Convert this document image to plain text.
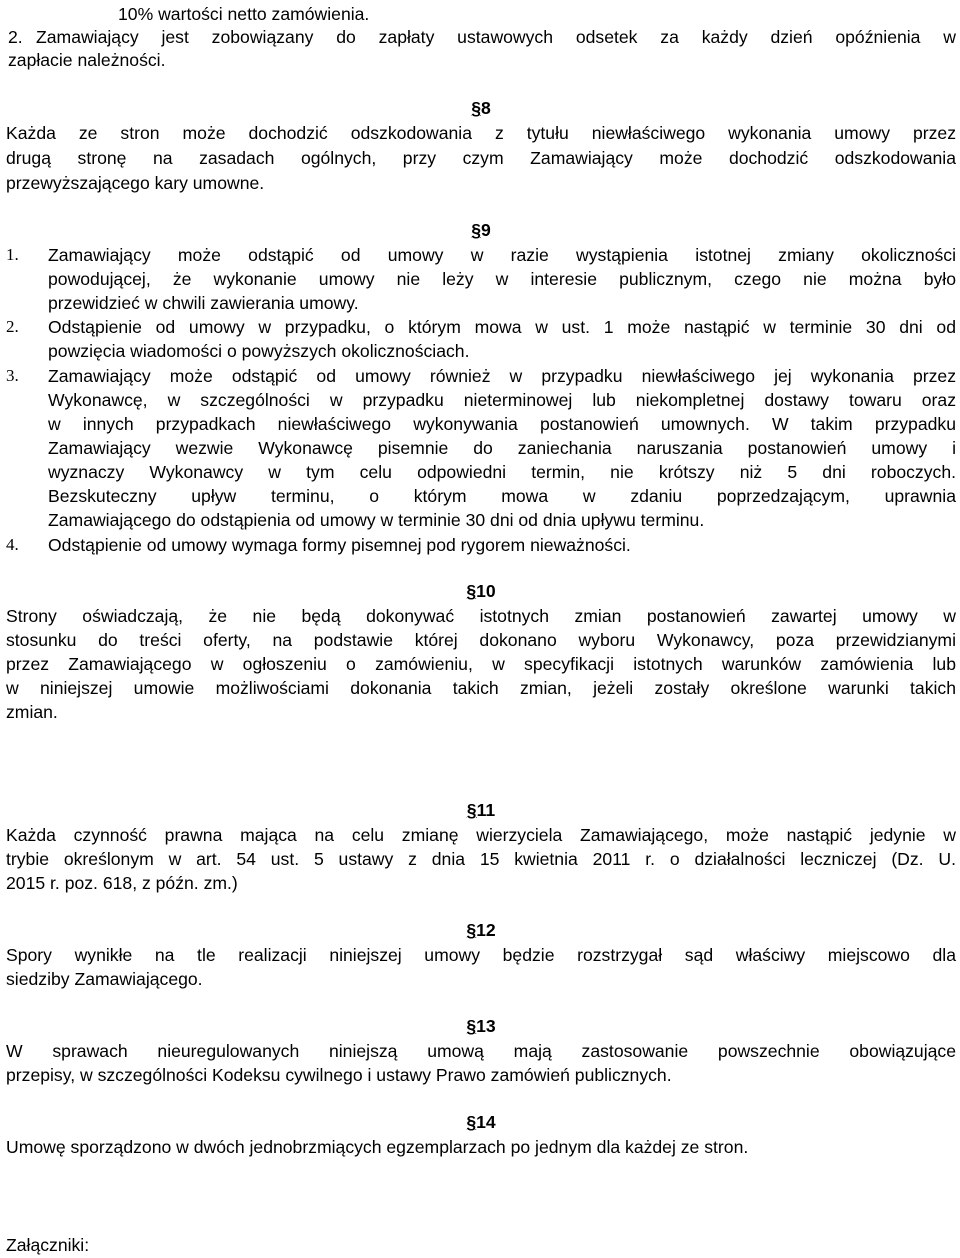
10% wartości netto zamówienia.
2. Zamawiający jest zobowiązany do zapłaty ustawowych odsetek za każdy dzień opóźnienia w
zapłacie należności.
§8
Każda ze stron może dochodzić odszkodowania z tytułu niewłaściwego wykonania umowy przez
drugą stronę na zasadach ogólnych, przy czym Zamawiający może dochodzić odszkodowania
przewyższającego kary umowne.
§9
1. Zamawiający może odstąpić od umowy w razie wystąpienia istotnej zmiany okoliczności
powodującej, że wykonanie umowy nie leży w interesie publicznym, czego nie można było
przewidzieć w chwili zawierania umowy.
2. Odstąpienie od umowy w przypadku, o którym mowa w ust. 1 może nastąpić w terminie 30 dni od
powzięcia wiadomości o powyższych okolicznościach.
3. Zamawiający może odstąpić od umowy również w przypadku niewłaściwego jej wykonania przez
Wykonawcę, w szczególności w przypadku nieterminowej lub niekompletnej dostawy towaru oraz
w innych przypadkach niewłaściwego wykonywania postanowień umownych. W takim przypadku
Zamawiający wezwie Wykonawcę pisemnie do zaniechania naruszania postanowień umowy i
wyznaczy Wykonawcy w tym celu odpowiedni termin, nie krótszy niż 5 dni roboczych.
Bezskuteczny upływ terminu, o którym mowa w zdaniu poprzedzającym, uprawnia
Zamawiającego do odstąpienia od umowy w terminie 30 dni od dnia upływu terminu.
4. Odstąpienie od umowy wymaga formy pisemnej pod rygorem nieważności.
§10
Strony oświadczają, że nie będą dokonywać istotnych zmian postanowień zawartej umowy w
stosunku do treści oferty, na podstawie której dokonano wyboru Wykonawcy, poza przewidzianymi
przez Zamawiającego w ogłoszeniu o zamówieniu, w specyfikacji istotnych warunków zamówienia lub
w niniejszej umowie możliwościami dokonania takich zmian, jeżeli zostały określone warunki takich
zmian.
§11
Każda czynność prawna mająca na celu zmianę wierzyciela Zamawiającego, może nastąpić jedynie w
trybie określonym w art. 54 ust. 5 ustawy z dnia 15 kwietnia 2011 r. o działalności leczniczej (Dz. U.
2015 r. poz. 618, z późn. zm.)
§12
Spory wynikłe na tle realizacji niniejszej umowy będzie rozstrzygał sąd właściwy miejscowo dla
siedziby Zamawiającego.
§13
W sprawach nieuregulowanych niniejszą umową mają zastosowanie powszechnie obowiązujące
przepisy, w szczególności Kodeksu cywilnego i ustawy Prawo zamówień publicznych.
§14
Umowę sporządzono w dwóch jednobrzmiących egzemplarzach po jednym dla każdej ze stron.
Załączniki:
